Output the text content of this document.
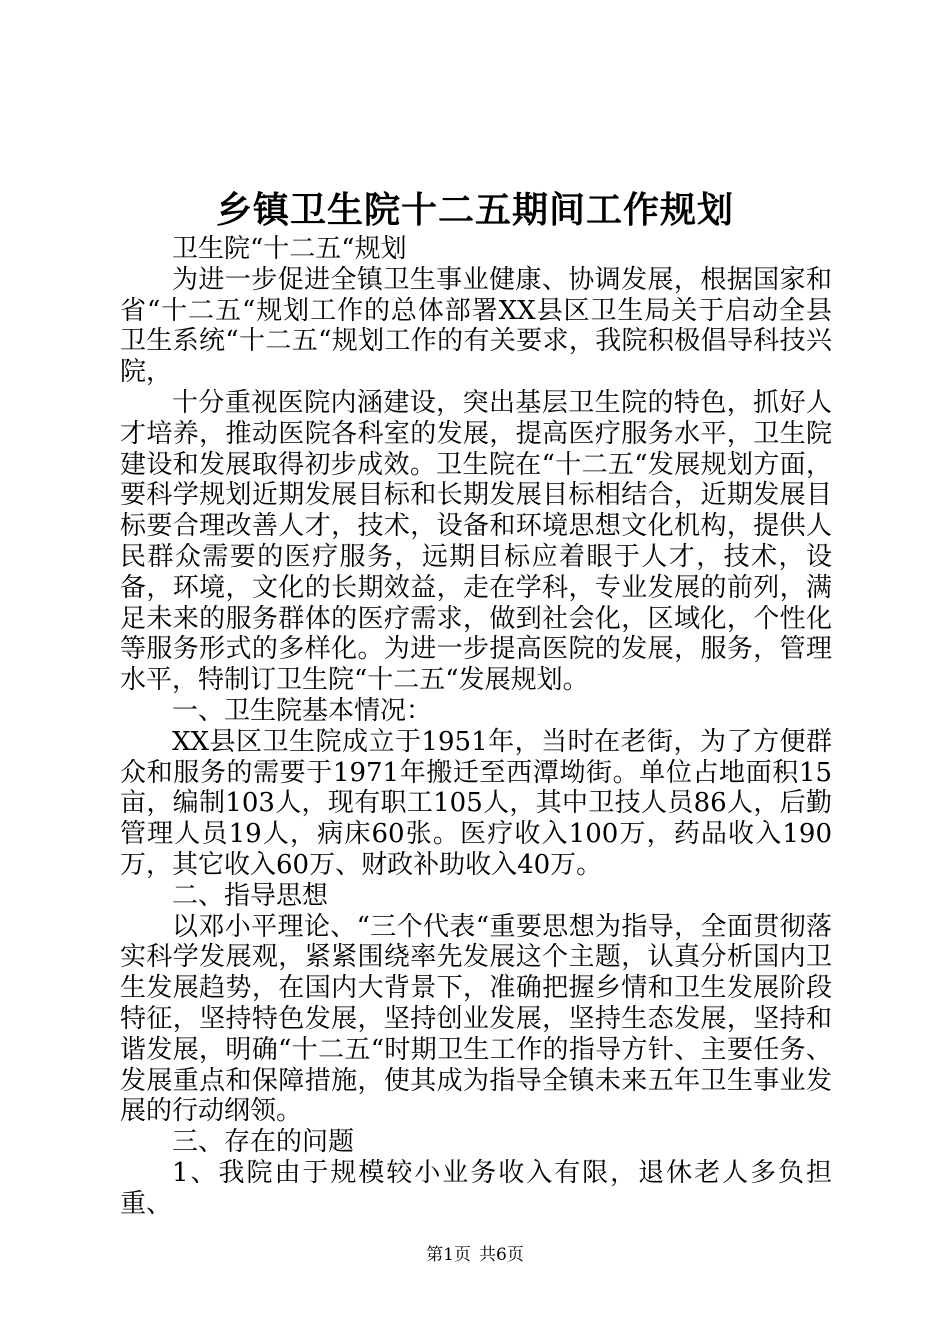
乡镇卫生院十二五期间工作规划

卫生院“十二五“规划

为进一步促进全镇卫生事业健康、协调发展，根据国家和省“十二五“规划工作的总体部署XX县区卫生局关于启动全县卫生系统“十二五“规划工作的有关要求，我院积极倡导科技兴院，

十分重视医院内涵建设，突出基层卫生院的特色，抓好人才培养，推动医院各科室的发展，提高医疗服务水平，卫生院建设和发展取得初步成效。卫生院在“十二五“发展规划方面，要科学规划近期发展目标和长期发展目标相结合，近期发展目标要合理改善人才，技术，设备和环境思想文化机构，提供人民群众需要的医疗服务，远期目标应着眼于人才，技术，设备，环境，文化的长期效益，走在学科，专业发展的前列，满足未来的服务群体的医疗需求，做到社会化，区域化，个性化等服务形式的多样化。为进一步提高医院的发展，服务，管理水平，特制订卫生院“十二五“发展规划。

一、卫生院基本情况：

XX县区卫生院成立于1951年，当时在老街，为了方便群众和服务的需要于1971年搬迁至西潭坳街。单位占地面积15亩，编制103人，现有职工105人，其中卫技人员86人，后勤管理人员19人，病床60张。医疗收入100万，药品收入190万，其它收入60万、财政补助收入40万。

二、指导思想

以邓小平理论、“三个代表“重要思想为指导，全面贯彻落实科学发展观，紧紧围绕率先发展这个主题，认真分析国内卫生发展趋势，在国内大背景下，准确把握乡情和卫生发展阶段特征，坚持特色发展，坚持创业发展，坚持生态发展，坚持和谐发展，明确“十二五“时期卫生工作的指导方针、主要任务、发展重点和保障措施，使其成为指导全镇未来五年卫生事业发展的行动纲领。

三、存在的问题

1、我院由于规模较小业务收入有限，退休老人多负担重、

第1页 共6页
